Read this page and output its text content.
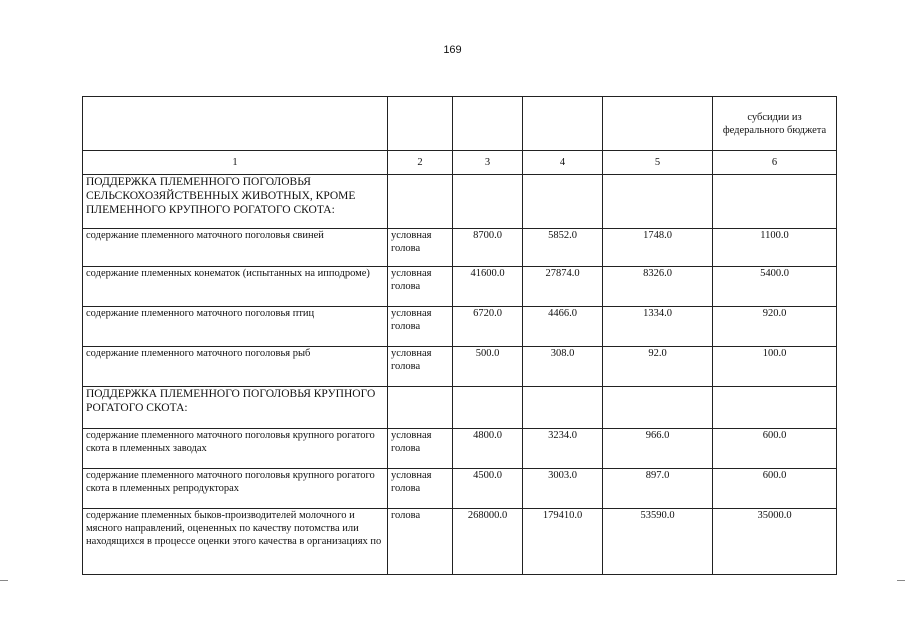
169
					субсидии из федерального бюджета
1	2	3	4	5	6
ПОДДЕРЖКА ПЛЕМЕННОГО ПОГОЛОВЬЯ СЕЛЬСКОХОЗЯЙСТВЕННЫХ ЖИВОТНЫХ, КРОМЕ ПЛЕМЕННОГО КРУПНОГО РОГАТОГО СКОТА:					
содержание племенного маточного поголовья свиней	условная голова	8700.0	5852.0	1748.0	1100.0
содержание племенных конематок (испытанных на ипподроме)	условная голова	41600.0	27874.0	8326.0	5400.0
содержание племенного маточного поголовья птиц	условная голова	6720.0	4466.0	1334.0	920.0
содержание племенного маточного поголовья рыб	условная голова	500.0	308.0	92.0	100.0
ПОДДЕРЖКА ПЛЕМЕННОГО ПОГОЛОВЬЯ КРУПНОГО РОГАТОГО СКОТА:					
содержание племенного маточного поголовья крупного рогатого скота в племенных заводах	условная голова	4800.0	3234.0	966.0	600.0
содержание племенного маточного поголовья крупного рогатого скота в племенных репродукторах	условная голова	4500.0	3003.0	897.0	600.0
содержание племенных быков-производителей молочного и мясного направлений, оцененных по качеству потомства или находящихся в процессе оценки этого качества в организациях по	голова	268000.0	179410.0	53590.0	35000.0
